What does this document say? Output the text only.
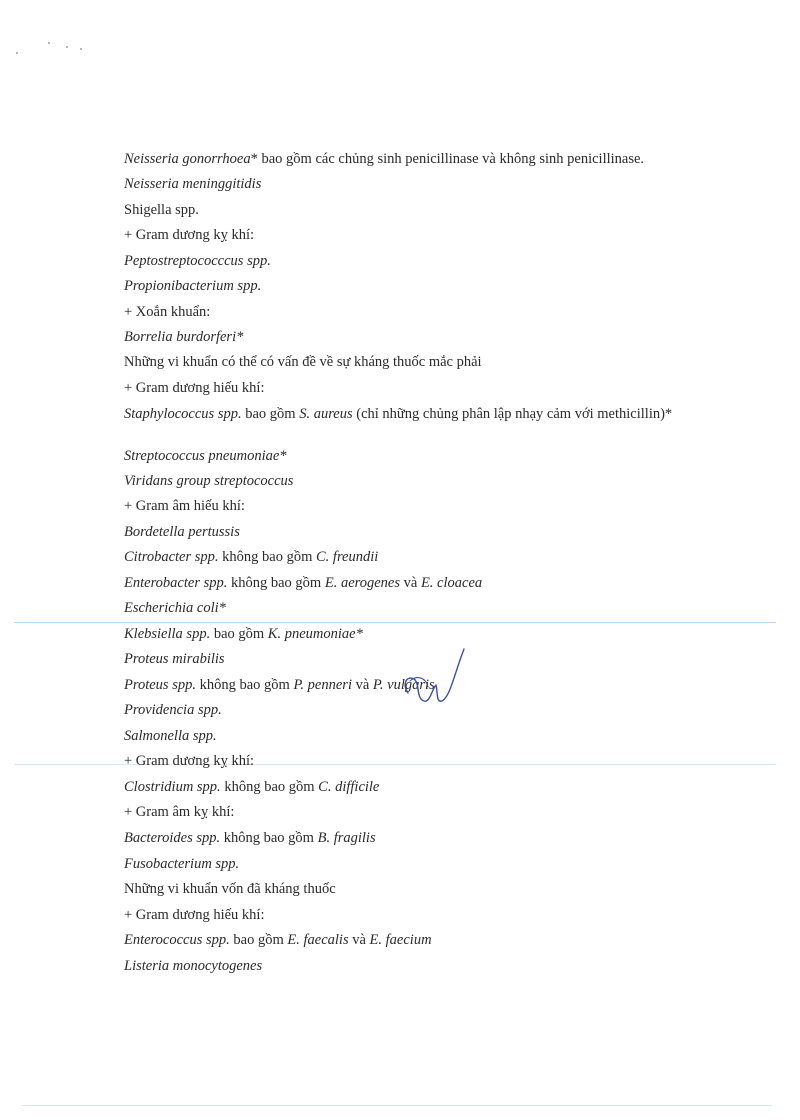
Neisseria gonorrhoea* bao gồm các chủng sinh penicillinase và không sinh penicillinase.
Neisseria meninggitidis
Shigella spp.
+ Gram dương kỵ khí:
Peptostreptococccus spp.
Propionibacterium spp.
+ Xoắn khuẩn:
Borrelia burdorferi*
Những vi khuẩn có thể có vấn đề về sự kháng thuốc mắc phải
+ Gram dương hiếu khí:
Staphylococcus spp. bao gồm S. aureus (chỉ những chủng phân lập nhạy cảm với methicillin)*
Streptococcus pneumoniae*
Viridans group streptococcus
+ Gram âm hiếu khí:
Bordetella pertussis
Citrobacter spp. không bao gồm C. freundii
Enterobacter spp. không bao gồm E. aerogenes và E. cloacea
Escherichia coli*
Klebsiella spp. bao gồm K. pneumoniae*
Proteus mirabilis
Proteus spp. không bao gồm P. penneri và P. vulgaris
Providencia spp.
Salmonella spp.
+ Gram dương kỵ khí:
Clostridium spp. không bao gồm C. difficile
+ Gram âm kỵ khí:
Bacteroides spp. không bao gồm B. fragilis
Fusobacterium spp.
Những vi khuẩn vốn đã kháng thuốc
+ Gram dương hiếu khí:
Enterococcus spp. bao gồm E. faecalis và E. faecium
Listeria monocytogenes
